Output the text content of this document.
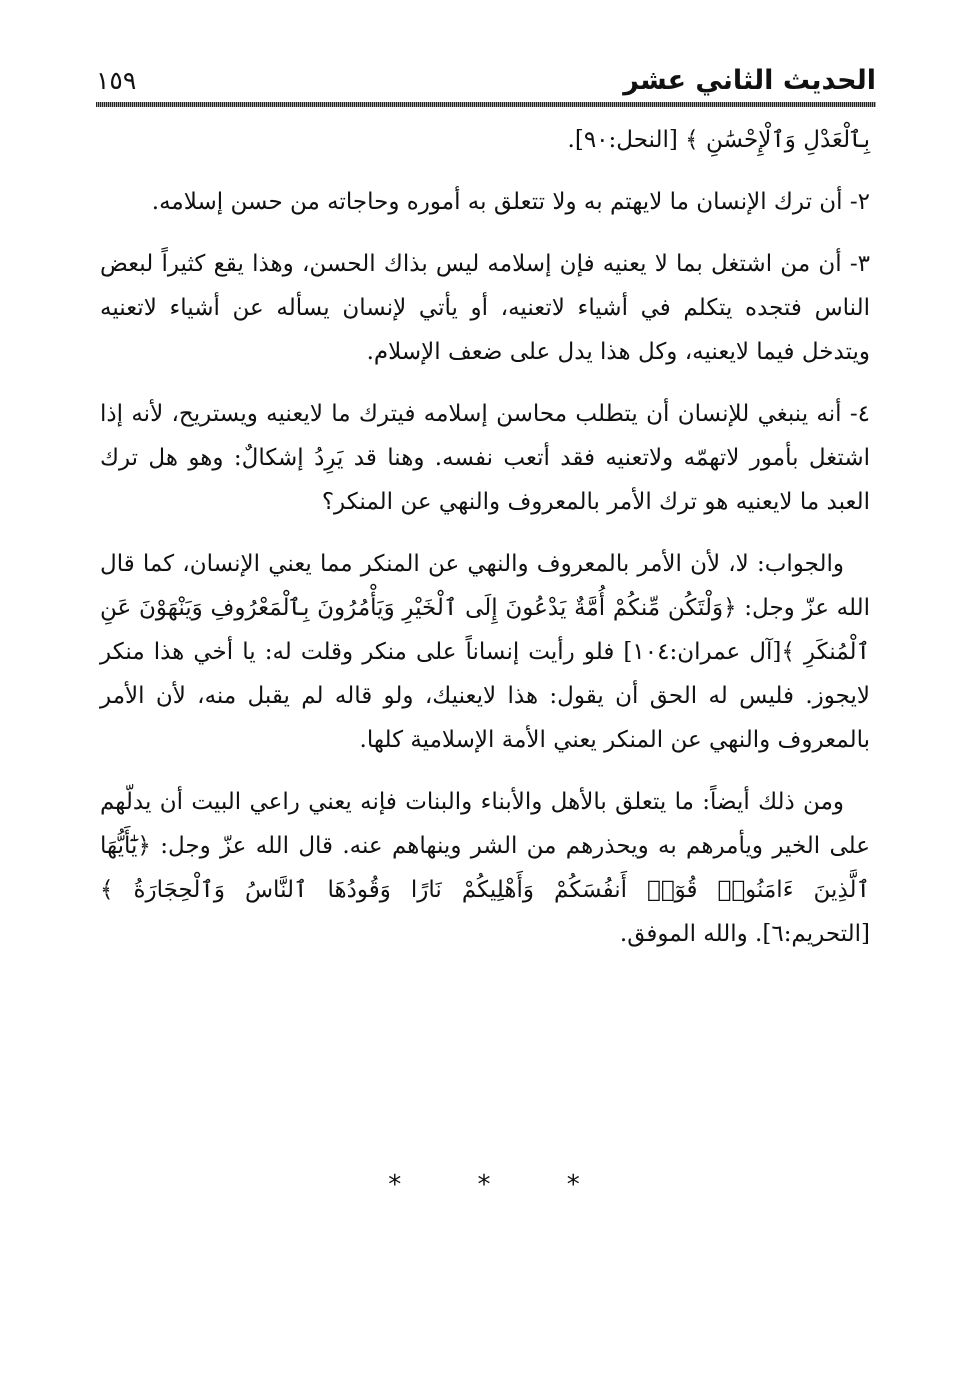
الحديث الثاني عشر
١٥٩

بِٱلْعَدْلِ وَٱلْإِحْسَٰنِ ﴾ [النحل:٩٠].

٢- أن ترك الإنسان ما لايهتم به ولا تتعلق به أموره وحاجاته من حسن إسلامه.

٣- أن من اشتغل بما لا يعنيه فإن إسلامه ليس بذاك الحسن، وهذا يقع كثيراً لبعض الناس فتجده يتكلم في أشياء لاتعنيه، أو يأتي لإنسان يسأله عن أشياء لاتعنيه ويتدخل فيما لايعنيه، وكل هذا يدل على ضعف الإسلام.

٤- أنه ينبغي للإنسان أن يتطلب محاسن إسلامه فيترك ما لايعنيه ويستريح، لأنه إذا اشتغل بأمور لاتهمّه ولاتعنيه فقد أتعب نفسه. وهنا قد يَرِدُ إشكالٌ: وهو هل ترك العبد ما لايعنيه هو ترك الأمر بالمعروف والنهي عن المنكر؟

والجواب: لا، لأن الأمر بالمعروف والنهي عن المنكر مما يعني الإنسان، كما قال الله عزّ وجل: ﴿وَلْتَكُن مِّنكُمْ أُمَّةٌ يَدْعُونَ إِلَى ٱلْخَيْرِ وَيَأْمُرُونَ بِٱلْمَعْرُوفِ وَيَنْهَوْنَ عَنِ ٱلْمُنكَرِ ﴾[آل عمران:١٠٤] فلو رأيت إنساناً على منكر وقلت له: يا أخي هذا منكر لايجوز. فليس له الحق أن يقول: هذا لايعنيك، ولو قاله لم يقبل منه، لأن الأمر بالمعروف والنهي عن المنكر يعني الأمة الإسلامية كلها.

ومن ذلك أيضاً: ما يتعلق بالأهل والأبناء والبنات فإنه يعني راعي البيت أن يدلّهم على الخير ويأمرهم به ويحذرهم من الشر وينهاهم عنه. قال الله عزّ وجل: ﴿يَٰٓأَيُّهَا ٱلَّذِينَ ءَامَنُوا۟ قُوٓا۟ أَنفُسَكُمْ وَأَهْلِيكُمْ نَارًا وَقُودُهَا ٱلنَّاسُ وَٱلْحِجَارَةُ ﴾[التحريم:٦]. والله الموفق.

*	*	*
